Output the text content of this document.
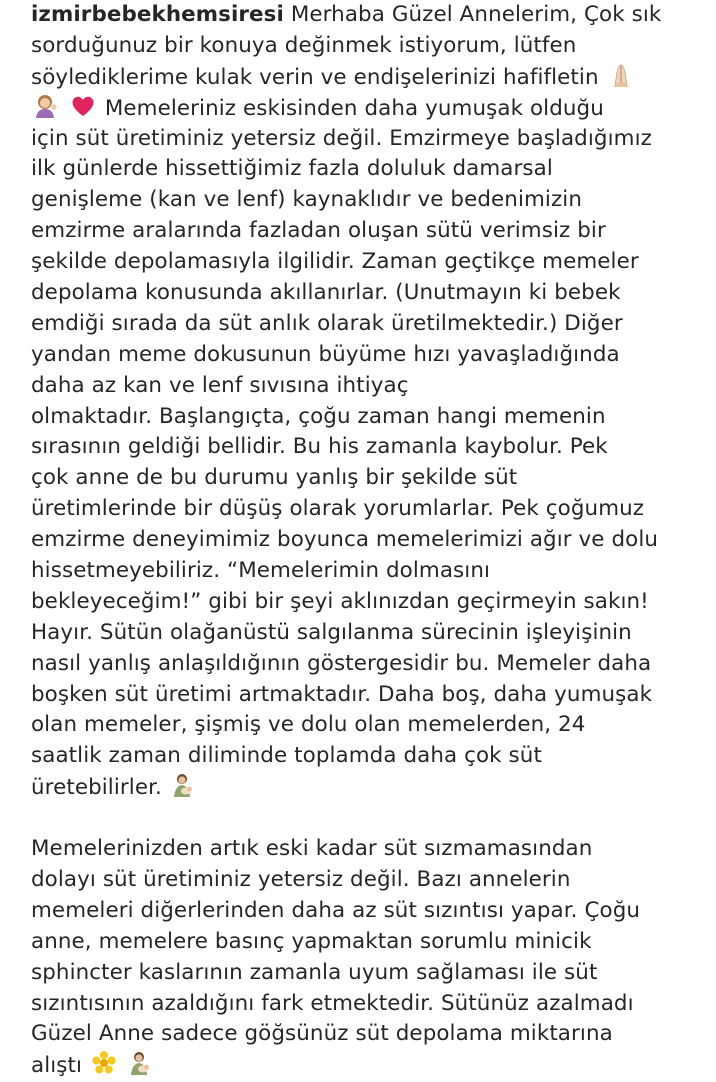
izmirbebekhemsiresi Merhaba Güzel Annelerim, Çok sık
sorduğunuz bir konuya değinmek istiyorum, lütfen
söylediklerime kulak verin ve endişelerinizi hafifletin

Memeleriniz eskisinden daha yumuşak olduğu
için süt üretiminiz yetersiz değil. Emzirmeye başladığımız
ilk günlerde hissettiğimiz fazla doluluk damarsal
genişleme (kan ve lenf) kaynaklıdır ve bedenimizin
emzirme aralarında fazladan oluşan sütü verimsiz bir
şekilde depolamasıyla ilgilidir. Zaman geçtikçe memeler
depolama konusunda akıllanırlar. (Unutmayın ki bebek
emdiği sırada da süt anlık olarak üretilmektedir.) Diğer
yandan meme dokusunun büyüme hızı yavaşladığında
daha az kan ve lenf sıvısına ihtiyaç
olmaktadır. Başlangıçta, çoğu zaman hangi memenin
sırasının geldiği bellidir. Bu his zamanla kaybolur. Pek
çok anne de bu durumu yanlış bir şekilde süt
üretimlerinde bir düşüş olarak yorumlarlar. Pek çoğumuz
emzirme deneyimimiz boyunca memelerimizi ağır ve dolu
hissetmeyebiliriz. “Memelerimin dolmasını
bekleyeceğim!” gibi bir şeyi aklınızdan geçirmeyin sakın!
Hayır. Sütün olağanüstü salgılanma sürecinin işleyişinin
nasıl yanlış anlaşıldığının göstergesidir bu. Memeler daha
boşken süt üretimi artmaktadır. Daha boş, daha yumuşak
olan memeler, şişmiş ve dolu olan memelerden, 24
saatlik zaman diliminde toplamda daha çok süt
üretebilirler.
Memelerinizden artık eski kadar süt sızmamasından
dolayı süt üretiminiz yetersiz değil. Bazı annelerin
memeleri diğerlerinden daha az süt sızıntısı yapar. Çoğu
anne, memelere basınç yapmaktan sorumlu minicik
sphincter kaslarının zamanla uyum sağlaması ile süt
sızıntısının azaldığını fark etmektedir. Sütünüz azalmadı
Güzel Anne sadece göğsünüz süt depolama miktarına
alıştı
